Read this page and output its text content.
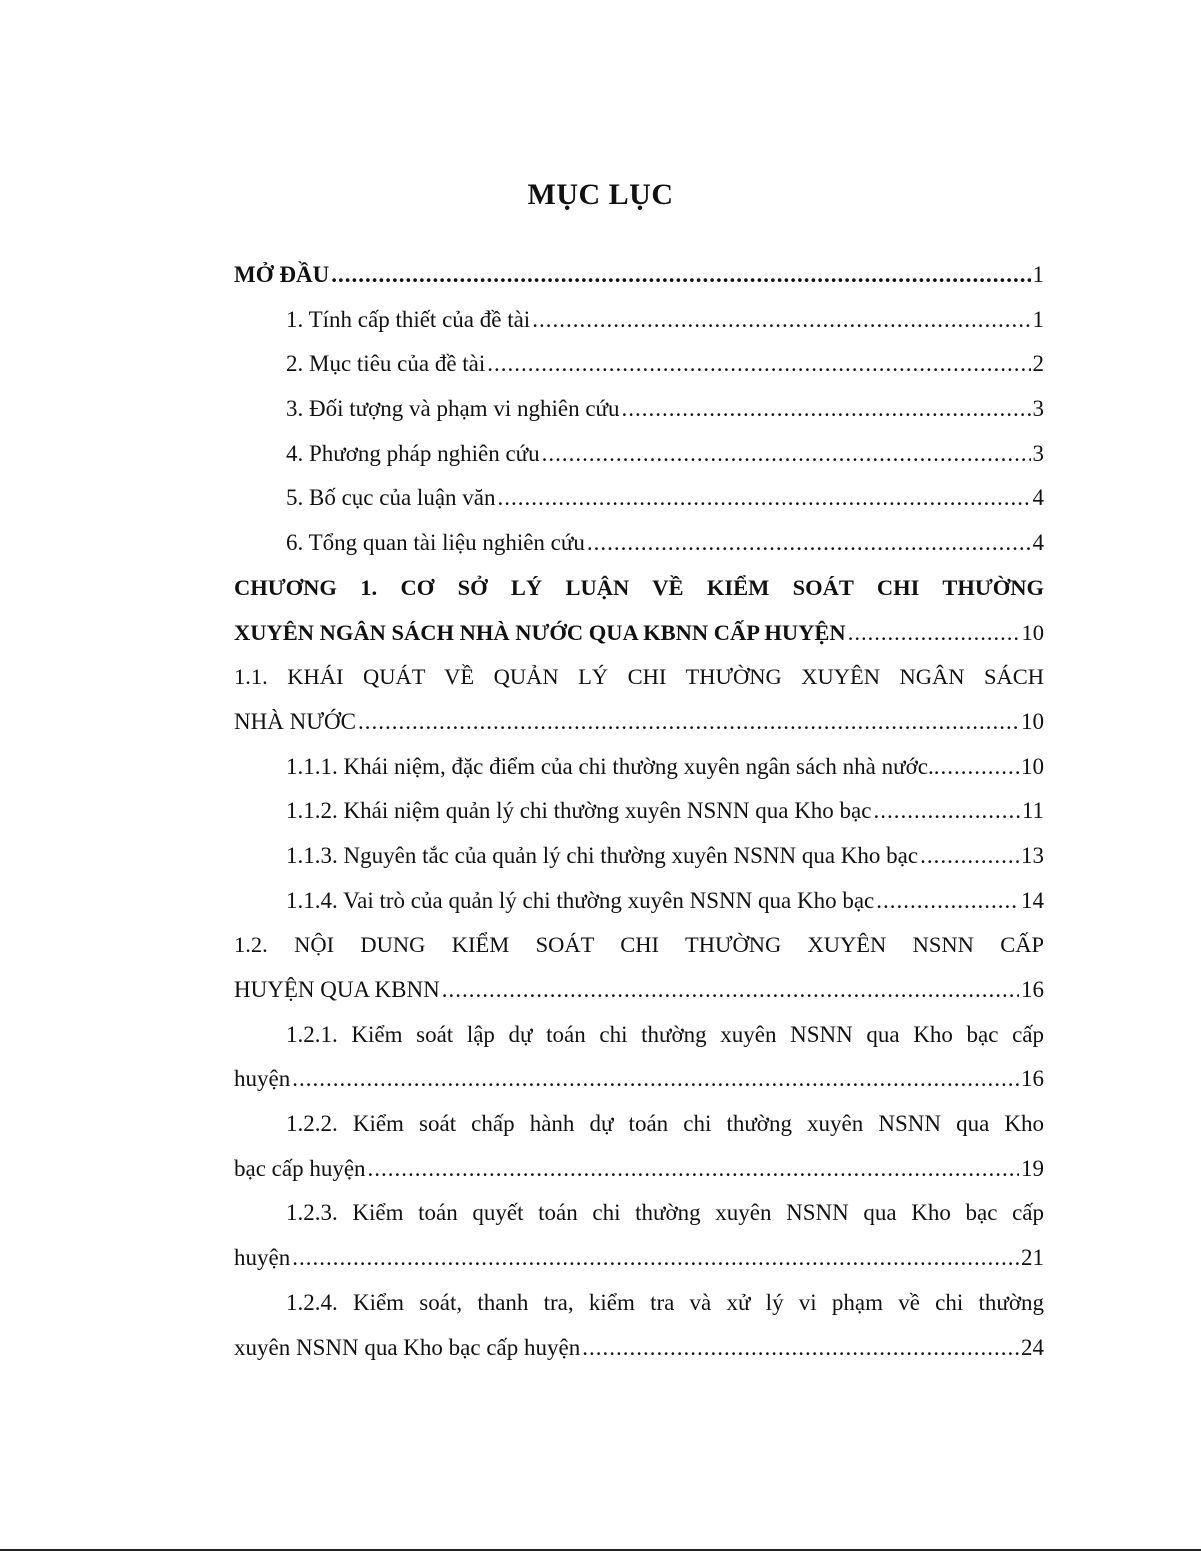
MỤC LỤC
MỞ ĐẦU .....	1
1. Tính cấp thiết của đề tài .....	1
2. Mục tiêu của đề tài .....	2
3. Đối tượng và phạm vi nghiên cứu .....	3
4. Phương pháp nghiên cứu .....	3
5. Bố cục của luận văn .....	4
6. Tổng quan tài liệu nghiên cứu .....	4
CHƯƠNG 1. CƠ SỞ LÝ LUẬN VỀ KIỂM SOÁT CHI THƯỜNG
XUYÊN NGÂN SÁCH NHÀ NƯỚC QUA KBNN CẤP HUYỆN .....	10
1.1. KHÁI QUÁT VỀ QUẢN LÝ CHI THƯỜNG XUYÊN NGÂN SÁCH
NHÀ NƯỚC .....	10
1.1.1. Khái niệm, đặc điểm của chi thường xuyên ngân sách nhà nước. .....	10
1.1.2. Khái niệm quản lý chi thường xuyên NSNN qua Kho bạc .....	11
1.1.3. Nguyên tắc của quản lý chi thường xuyên NSNN qua Kho bạc .....	13
1.1.4. Vai trò của quản lý chi thường xuyên NSNN qua Kho bạc .....	14
1.2. NỘI DUNG KIỂM SOÁT CHI THƯỜNG XUYÊN NSNN CẤP
HUYỆN QUA KBNN .....	16
1.2.1. Kiểm soát lập dự toán chi thường xuyên NSNN qua Kho bạc cấp
huyện .....	16
1.2.2. Kiểm soát chấp hành dự toán chi thường xuyên NSNN qua Kho
bạc cấp huyện .....	19
1.2.3. Kiểm toán quyết toán chi thường xuyên NSNN qua Kho bạc cấp
huyện .....	21
1.2.4. Kiểm soát, thanh tra, kiểm tra và xử lý vi phạm về chi thường
xuyên NSNN qua Kho bạc cấp huyện .....	24
